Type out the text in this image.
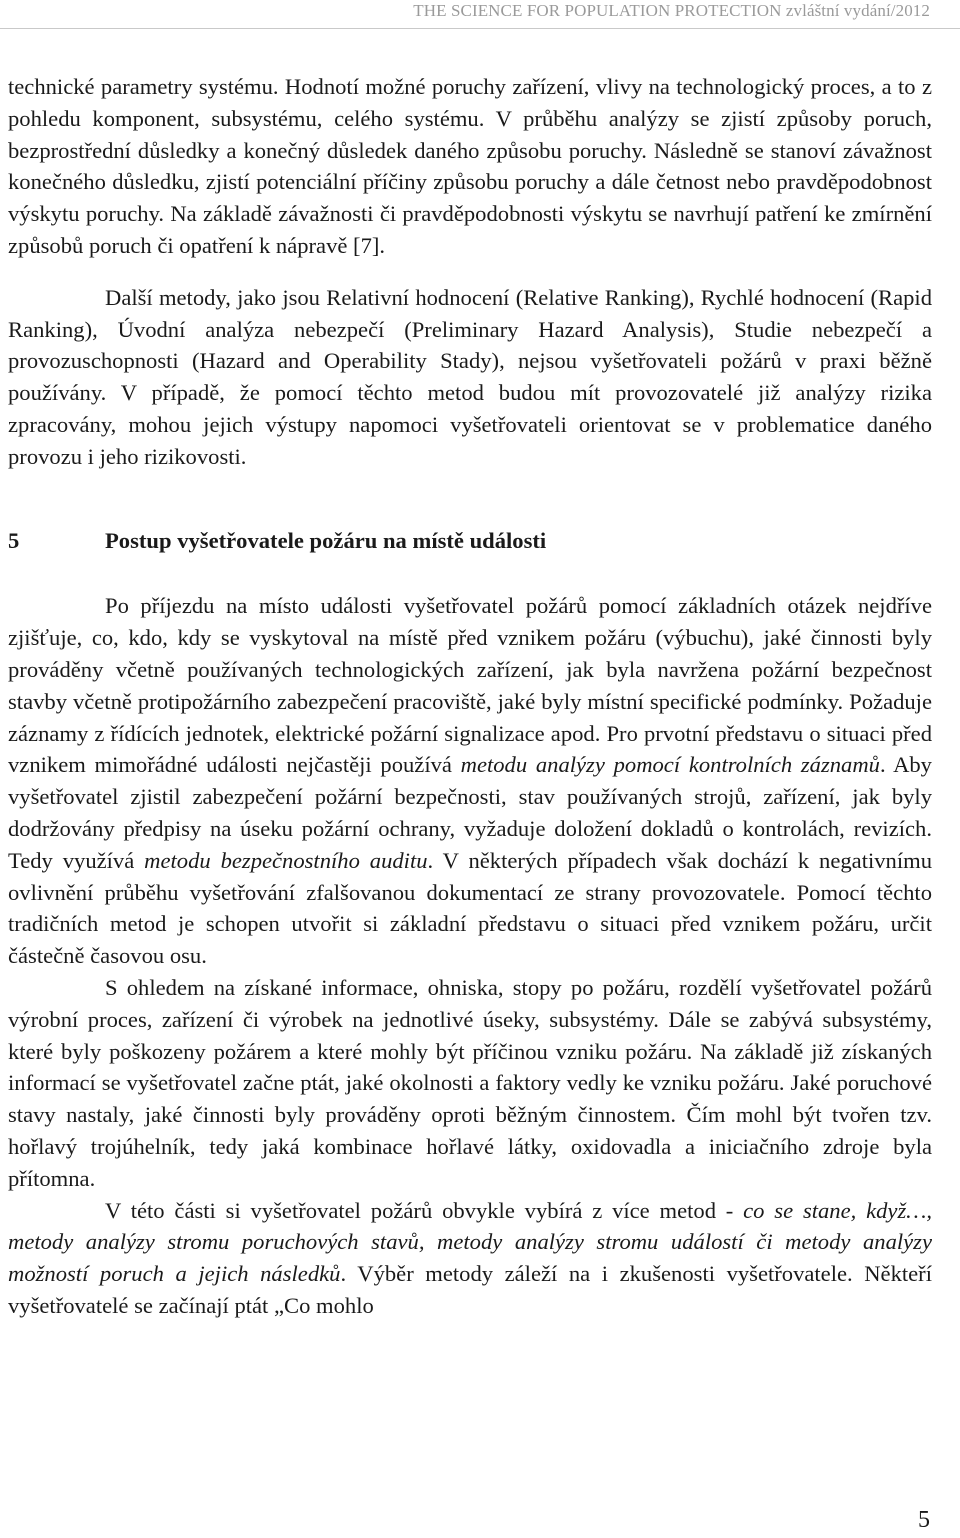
THE SCIENCE FOR POPULATION PROTECTION zvláštní vydání/2012

technické parametry systému. Hodnotí možné poruchy zařízení, vlivy na technologický proces, a to z pohledu komponent, subsystému, celého systému. V průběhu analýzy se zjistí způsoby poruch, bezprostřední důsledky a konečný důsledek daného způsobu poruchy. Následně se stanoví závažnost konečného důsledku, zjistí potenciální příčiny způsobu poruchy a dále četnost nebo pravděpodobnost výskytu poruchy. Na základě závažnosti či pravděpodobnosti výskytu se navrhují patření ke zmírnění způsobů poruch či opatření k nápravě [7].

Další metody, jako jsou Relativní hodnocení (Relative Ranking), Rychlé hodnocení (Rapid Ranking), Úvodní analýza nebezpečí (Preliminary Hazard Analysis), Studie nebezpečí a provozuschopnosti (Hazard and Operability Stady), nejsou vyšetřovateli požárů v praxi běžně používány. V případě, že pomocí těchto metod budou mít provozovatelé již analýzy rizika zpracovány, mohou jejich výstupy napomoci vyšetřovateli orientovat se v problematice daného provozu i jeho rizikovosti.

5	Postup vyšetřovatele požáru na místě události

Po příjezdu na místo události vyšetřovatel požárů pomocí základních otázek nejdříve zjišťuje, co, kdo, kdy se vyskytoval na místě před vznikem požáru (výbuchu), jaké činnosti byly prováděny včetně používaných technologických zařízení, jak byla navržena požární bezpečnost stavby včetně protipožárního zabezpečení pracoviště, jaké byly místní specifické podmínky. Požaduje záznamy z řídících jednotek, elektrické požární signalizace apod. Pro prvotní představu o situaci před vznikem mimořádné události nejčastěji používá metodu analýzy pomocí kontrolních záznamů. Aby vyšetřovatel zjistil zabezpečení požární bezpečnosti, stav používaných strojů, zařízení, jak byly dodržovány předpisy na úseku požární ochrany, vyžaduje doložení dokladů o kontrolách, revizích. Tedy využívá metodu bezpečnostního auditu. V některých případech však dochází k negativnímu ovlivnění průběhu vyšetřování zfalšovanou dokumentací ze strany provozovatele. Pomocí těchto tradičních metod je schopen utvořit si základní představu o situaci před vznikem požáru, určit částečně časovou osu.

S ohledem na získané informace, ohniska, stopy po požáru, rozdělí vyšetřovatel požárů výrobní proces, zařízení či výrobek na jednotlivé úseky, subsystémy. Dále se zabývá subsystémy, které byly poškozeny požárem a které mohly být příčinou vzniku požáru. Na základě již získaných informací se vyšetřovatel začne ptát, jaké okolnosti a faktory vedly ke vzniku požáru. Jaké poruchové stavy nastaly, jaké činnosti byly prováděny oproti běžným činnostem. Čím mohl být tvořen tzv. hořlavý trojúhelník, tedy jaká kombinace hořlavé látky, oxidovadla a iniciačního zdroje byla přítomna.

V této části si vyšetřovatel požárů obvykle vybírá z více metod - co se stane, když…, metody analýzy stromu poruchových stavů, metody analýzy stromu událostí či metody analýzy možností poruch a jejich následků. Výběr metody záleží na i zkušenosti vyšetřovatele. Někteří vyšetřovatelé se začínají ptát „Co mohlo

5
